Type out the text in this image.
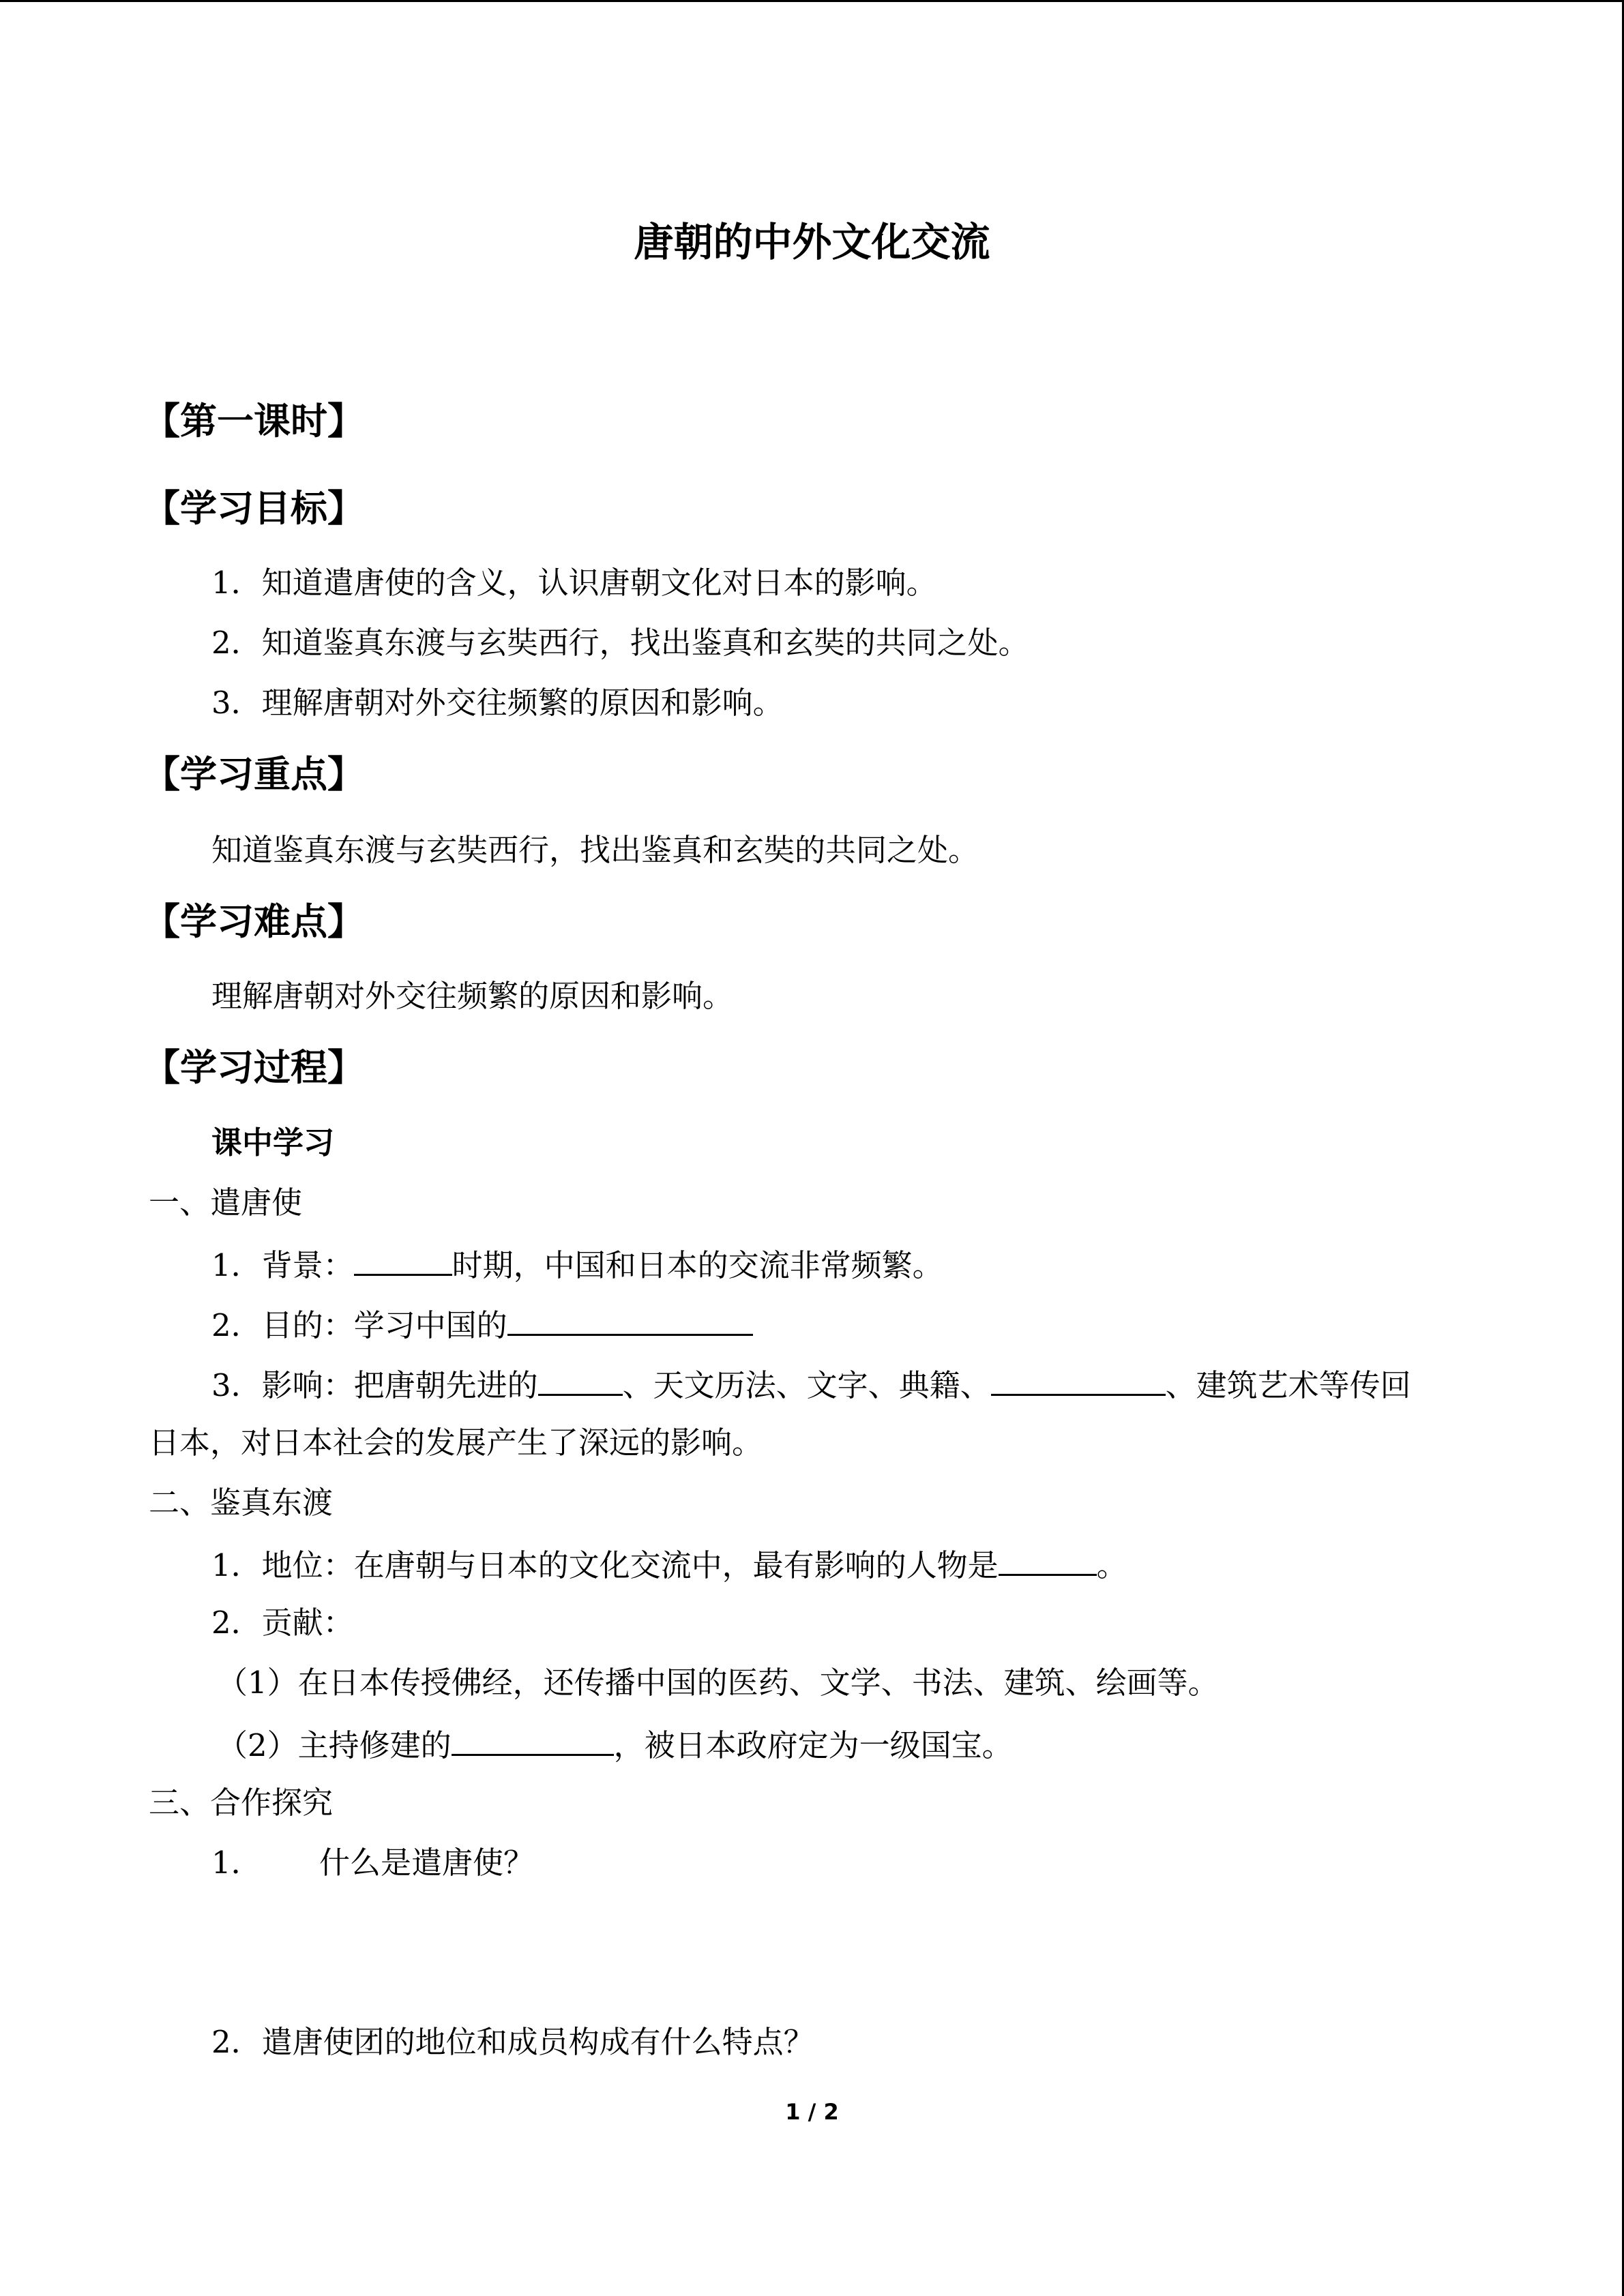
唐朝的中外文化交流
【第一课时】
【学习目标】
1．知道遣唐使的含义，认识唐朝文化对日本的影响。
2．知道鉴真东渡与玄奘西行，找出鉴真和玄奘的共同之处。
3．理解唐朝对外交往频繁的原因和影响。
【学习重点】
知道鉴真东渡与玄奘西行，找出鉴真和玄奘的共同之处。
【学习难点】
理解唐朝对外交往频繁的原因和影响。
【学习过程】
课中学习
一、遣唐使
1．背景：	时期，中国和日本的交流非常频繁。
2．目的：学习中国的
3．影响：把唐朝先进的	、天文历法、文字、典籍、	、建筑艺术等传回
日本，对日本社会的发展产生了深远的影响。
二、鉴真东渡
1．地位：在唐朝与日本的文化交流中，最有影响的人物是	。
2．贡献：
（1）在日本传授佛经，还传播中国的医药、文学、书法、建筑、绘画等。
（2）主持修建的	，被日本政府定为一级国宝。
三、合作探究
1． 什么是遣唐使？
2．遣唐使团的地位和成员构成有什么特点？
1 / 2
